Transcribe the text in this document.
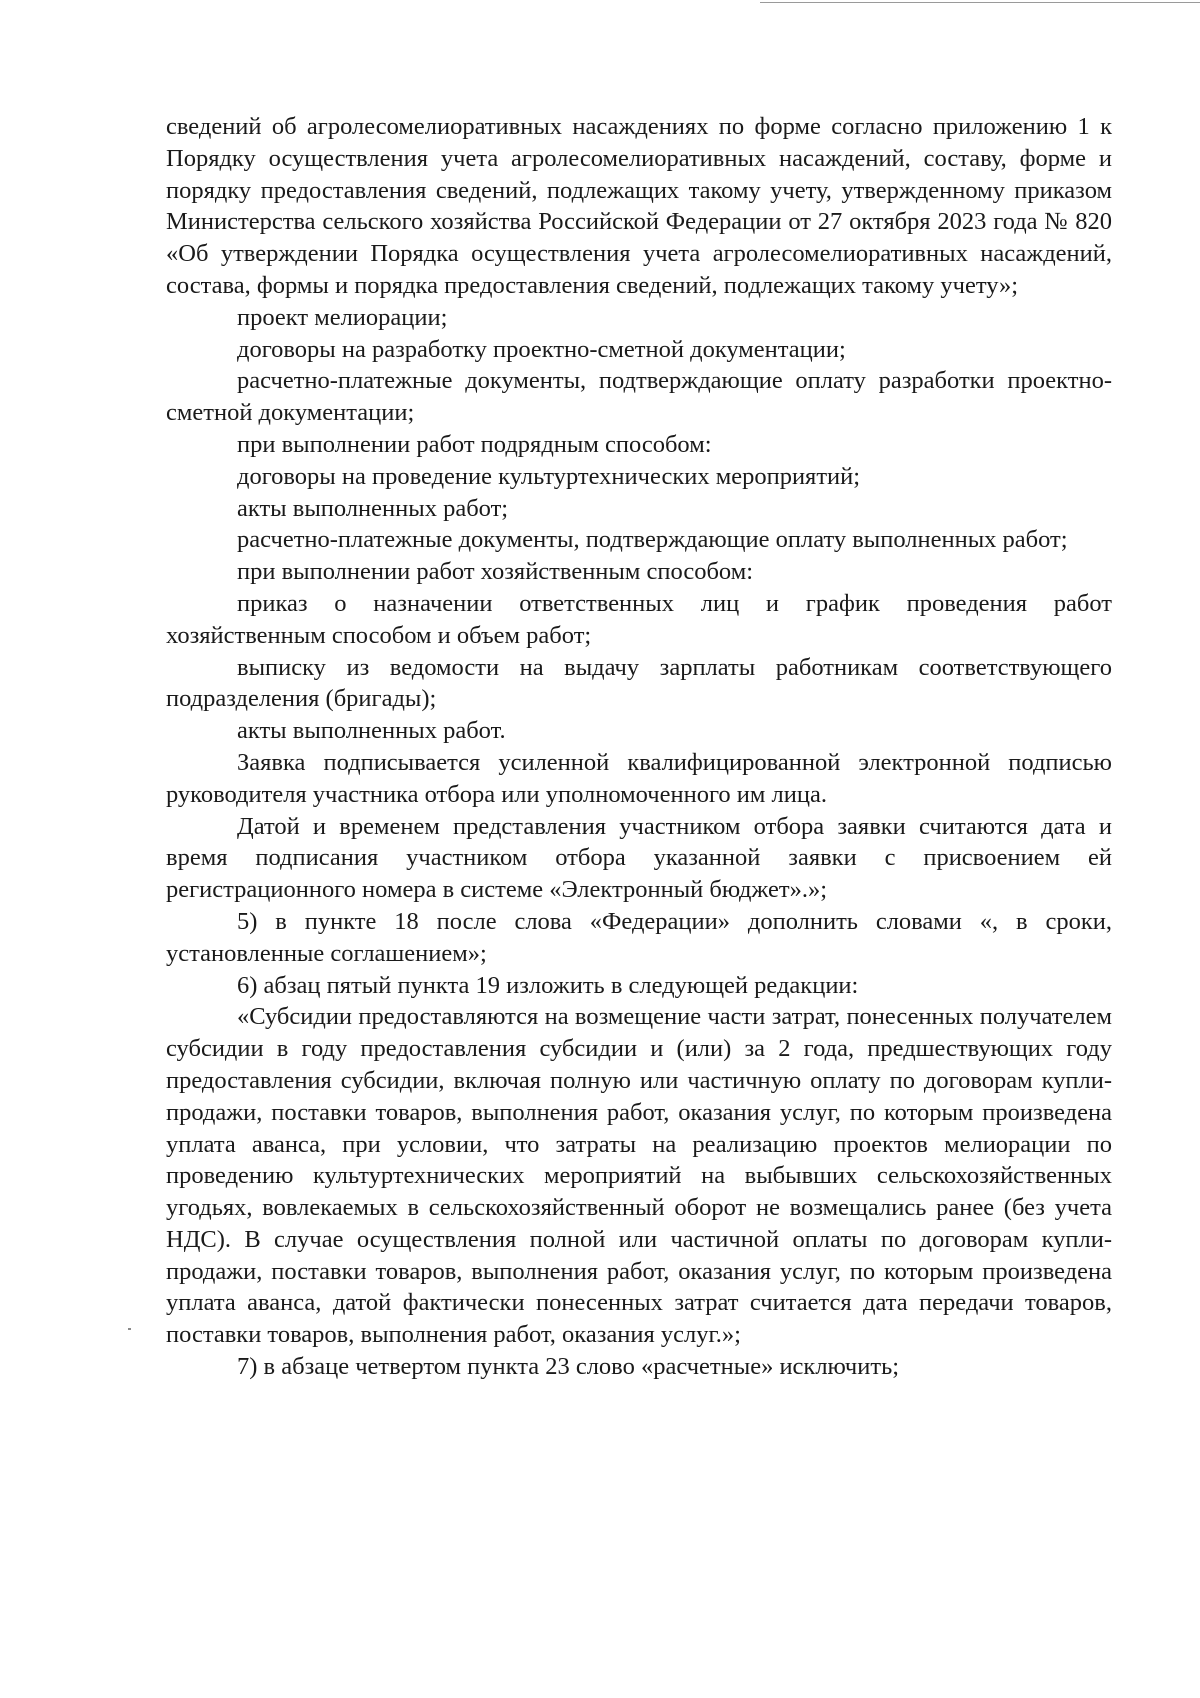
сведений об агролесомелиоративных насаждениях по форме согласно приложению 1 к Порядку осуществления учета агролесомелиоративных насаждений, составу, форме и порядку предоставления сведений, подлежащих такому учету, утвержденному приказом Министерства сельского хозяйства Российской Федерации от 27 октября 2023 года № 820 «Об утверждении Порядка осуществления учета агролесомелиоративных насаждений, состава, формы и порядка предоставления сведений, подлежащих такому учету»;

проект мелиорации;

договоры на разработку проектно-сметной документации;

расчетно-платежные документы, подтверждающие оплату разработки проектно-сметной документации;

при выполнении работ подрядным способом:

договоры на проведение культуртехнических мероприятий;

акты выполненных работ;

расчетно-платежные документы, подтверждающие оплату выполненных работ;

при выполнении работ хозяйственным способом:

приказ о назначении ответственных лиц и график проведения работ хозяйственным способом и объем работ;

выписку из ведомости на выдачу зарплаты работникам соответствующего подразделения (бригады);

акты выполненных работ.

Заявка подписывается усиленной квалифицированной электронной подписью руководителя участника отбора или уполномоченного им лица.

Датой и временем представления участником отбора заявки считаются дата и время подписания участником отбора указанной заявки с присвоением ей регистрационного номера в системе «Электронный бюджет».»;

5) в пункте 18 после слова «Федерации» дополнить словами «, в сроки, установленные соглашением»;

6) абзац пятый пункта 19 изложить в следующей редакции:

«Субсидии предоставляются на возмещение части затрат, понесенных получателем субсидии в году предоставления субсидии и (или) за 2 года, предшествующих году предоставления субсидии, включая полную или частичную оплату по договорам купли-продажи, поставки товаров, выполнения работ, оказания услуг, по которым произведена уплата аванса, при условии, что затраты на реализацию проектов мелиорации по проведению культуртехнических мероприятий на выбывших сельскохозяйственных угодьях, вовлекаемых в сельскохозяйственный оборот не возмещались ранее (без учета НДС). В случае осуществления полной или частичной оплаты по договорам купли-продажи, поставки товаров, выполнения работ, оказания услуг, по которым произведена уплата аванса, датой фактически понесенных затрат считается дата передачи товаров, поставки товаров, выполнения работ, оказания услуг.»;

7) в абзаце четвертом пункта 23 слово «расчетные» исключить;
